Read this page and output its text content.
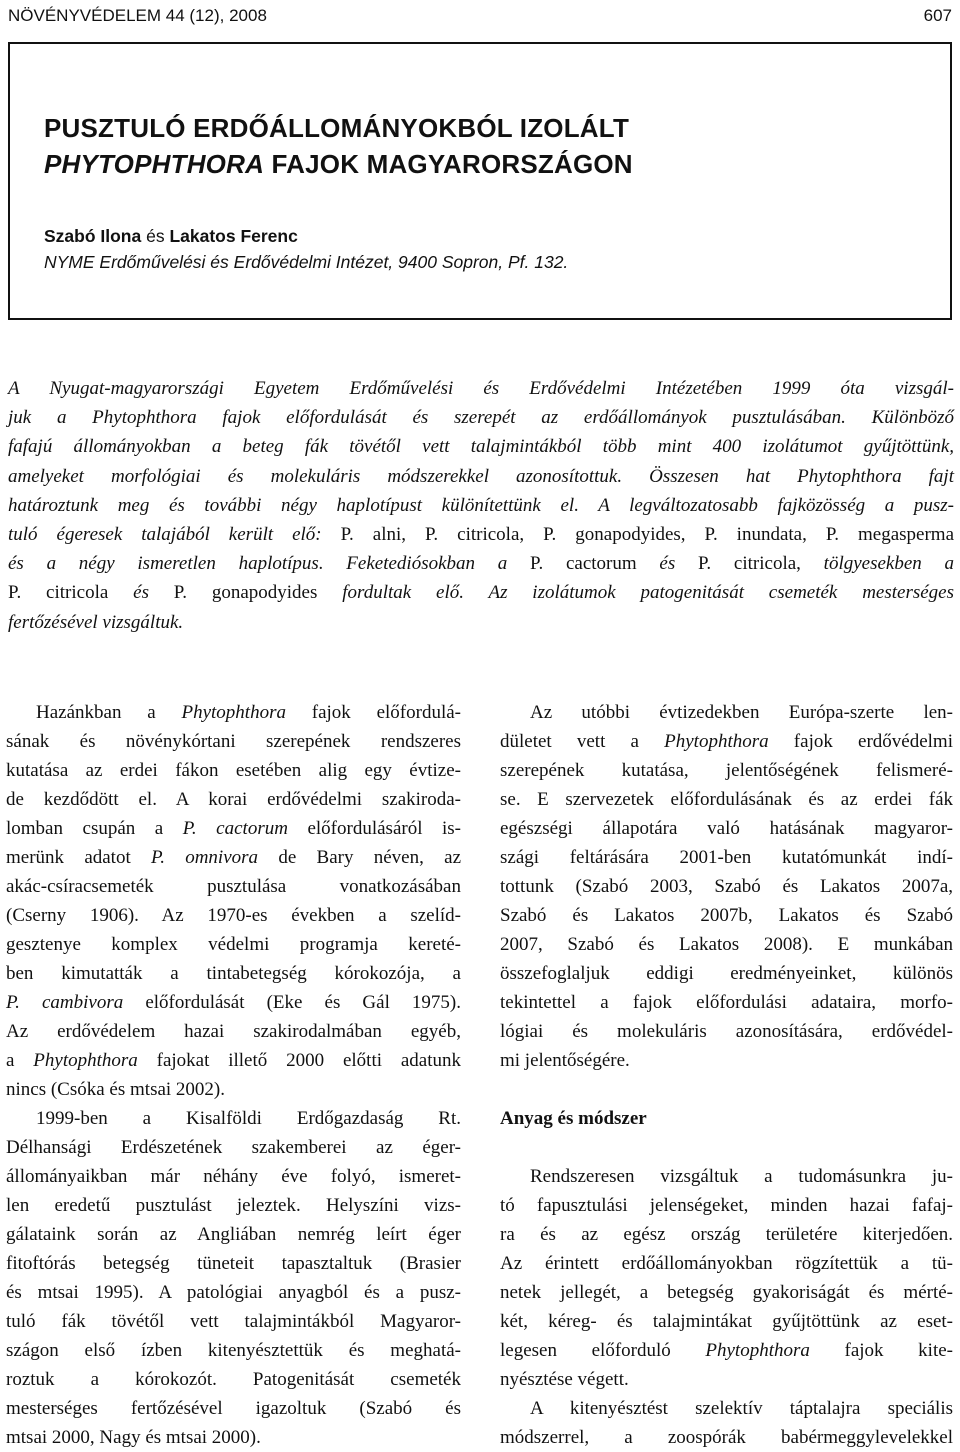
NÖVÉNYVÉDELEM 44 (12), 2008	607
PUSZTULÓ ERDŐÁLLOMÁNYOKBÓL IZOLÁLT
PHYTOPHTHORA FAJOK MAGYARORSZÁGON
Szabó Ilona és Lakatos Ferenc
NYME Erdőművelési és Erdővédelmi Intézet, 9400 Sopron, Pf. 132.
A Nyugat-magyarországi Egyetem Erdőművelési és Erdővédelmi Intézetében 1999 óta vizsgál-
juk a Phytophthora fajok előfordulását és szerepét az erdőállományok pusztulásában. Különböző
fafajú állományokban a beteg fák tövétől vett talajmintákból több mint 400 izolátumot gyűjtöttünk,
amelyeket morfológiai és molekuláris módszerekkel azonosítottuk. Összesen hat Phytophthora fajt
határoztunk meg és további négy haplotípust különítettünk el. A legváltozatosabb fajközösség a pusz-
tuló égeresek talajából került elő: P. alni, P. citricola, P. gonapodyides, P. inundata, P. megasperma
és a négy ismeretlen haplotípus. Feketediósokban a P. cactorum és P. citricola, tölgyesekben a
P. citricola és P. gonapodyides fordultak elő. Az izolátumok patogenitását csemeték mesterséges
fertőzésével vizsgáltuk.
Hazánkban a Phytophthora fajok előfordulá-
sának és növénykórtani szerepének rendszeres
kutatása az erdei fákon esetében alig egy évtize-
de kezdődött el. A korai erdővédelmi szakiroda-
lomban csupán a P. cactorum előfordulásáról is-
merünk adatot P. omnivora de Bary néven, az
akác-csíracsemeték pusztulása vonatkozásában
(Cserny 1906). Az 1970-es években a szelíd-
gesztenye komplex védelmi programja kereté-
ben kimutatták a tintabetegség kórokozója, a
P. cambivora előfordulását (Eke és Gál 1975).
Az erdővédelem hazai szakirodalmában egyéb,
a Phytophthora fajokat illető 2000 előtti adatunk
nincs (Csóka és mtsai 2002).
1999-ben a Kisalföldi Erdőgazdaság Rt.
Délhansági Erdészetének szakemberei az éger-
állományaikban már néhány éve folyó, ismeret-
len eredetű pusztulást jeleztek. Helyszíni vizs-
gálataink során az Angliában nemrég leírt éger
fitoftórás betegség tüneteit tapasztaltuk (Brasier
és mtsai 1995). A patológiai anyagból és a pusz-
tuló fák tövétől vett talajmintákból Magyaror-
szágon első ízben kitenyésztettük és meghatá-
roztuk a kórokozót. Patogenitását csemeték
mesterséges fertőzésével igazoltuk (Szabó és
mtsai 2000, Nagy és mtsai 2000).
Az utóbbi évtizedekben Európa-szerte len-
dületet vett a Phytophthora fajok erdővédelmi
szerepének kutatása, jelentőségének felismeré-
se. E szervezetek előfordulásának és az erdei fák
egészségi állapotára való hatásának magyaror-
szági feltárására 2001-ben kutatómunkát indí-
tottunk (Szabó 2003, Szabó és Lakatos 2007a,
Szabó és Lakatos 2007b, Lakatos és Szabó
2007, Szabó és Lakatos 2008). E munkában
összefoglaljuk eddigi eredményeinket, különös
tekintettel a fajok előfordulási adataira, morfo-
lógiai és molekuláris azonosítására, erdővédel-
mi jelentőségére.
Anyag és módszer
Rendszeresen vizsgáltuk a tudomásunkra ju-
tó fapusztulási jelenségeket, minden hazai fafaj-
ra és az egész ország területére kiterjedően.
Az érintett erdőállományokban rögzítettük a tü-
netek jellegét, a betegség gyakoriságát és mérté-
két, kéreg- és talajmintákat gyűjtöttünk az eset-
legesen előforduló Phytophthora fajok kite-
nyésztése végett.
A kitenyésztést szelektív táptalajra speciális
módszerrel, a zoospórák babérmeggylevelekkel
